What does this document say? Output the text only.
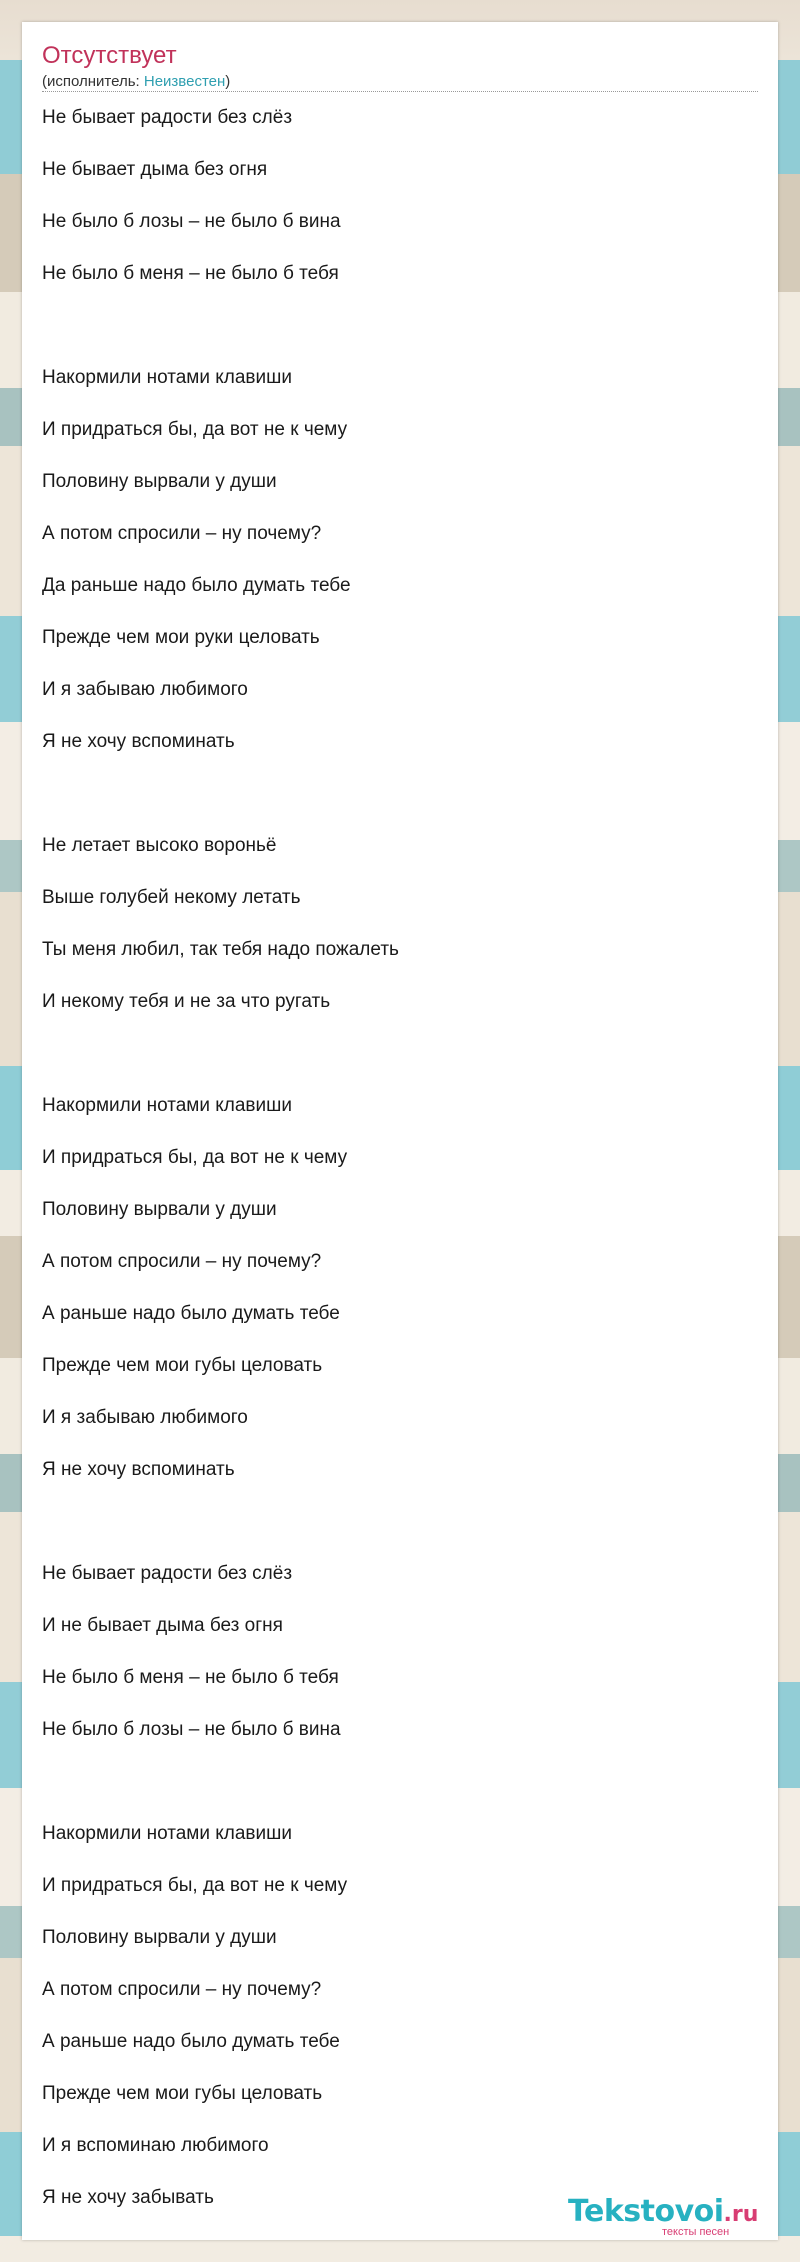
Отсутствует
(исполнитель: Неизвестен)
Не бывает радости без слёз
Не бывает дыма без огня
Не было б лозы – не было б вина
Не было б меня – не было б тебя
Накормили нотами клавиши
И придраться бы, да вот не к чему
Половину вырвали у души
А потом спросили – ну почему?
Да раньше надо было думать тебе
Прежде чем мои руки целовать
И я забываю любимого
Я не хочу вспоминать
Не летает высоко вороньё
Выше голубей некому летать
Ты меня любил, так тебя надо пожалеть
И некому тебя и не за что ругать
Накормили нотами клавиши
И придраться бы, да вот не к чему
Половину вырвали у души
А потом спросили – ну почему?
А раньше надо было думать тебе
Прежде чем мои губы целовать
И я забываю любимого
Я не хочу вспоминать
Не бывает радости без слёз
И не бывает дыма без огня
Не было б меня – не было б тебя
Не было б лозы – не было б вина
Накормили нотами клавиши
И придраться бы, да вот не к чему
Половину вырвали у души
А потом спросили – ну почему?
А раньше надо было думать тебе
Прежде чем мои губы целовать
И я вспоминаю любимого
Я не хочу забывать	Tekstovoi.ru
тексты песен
